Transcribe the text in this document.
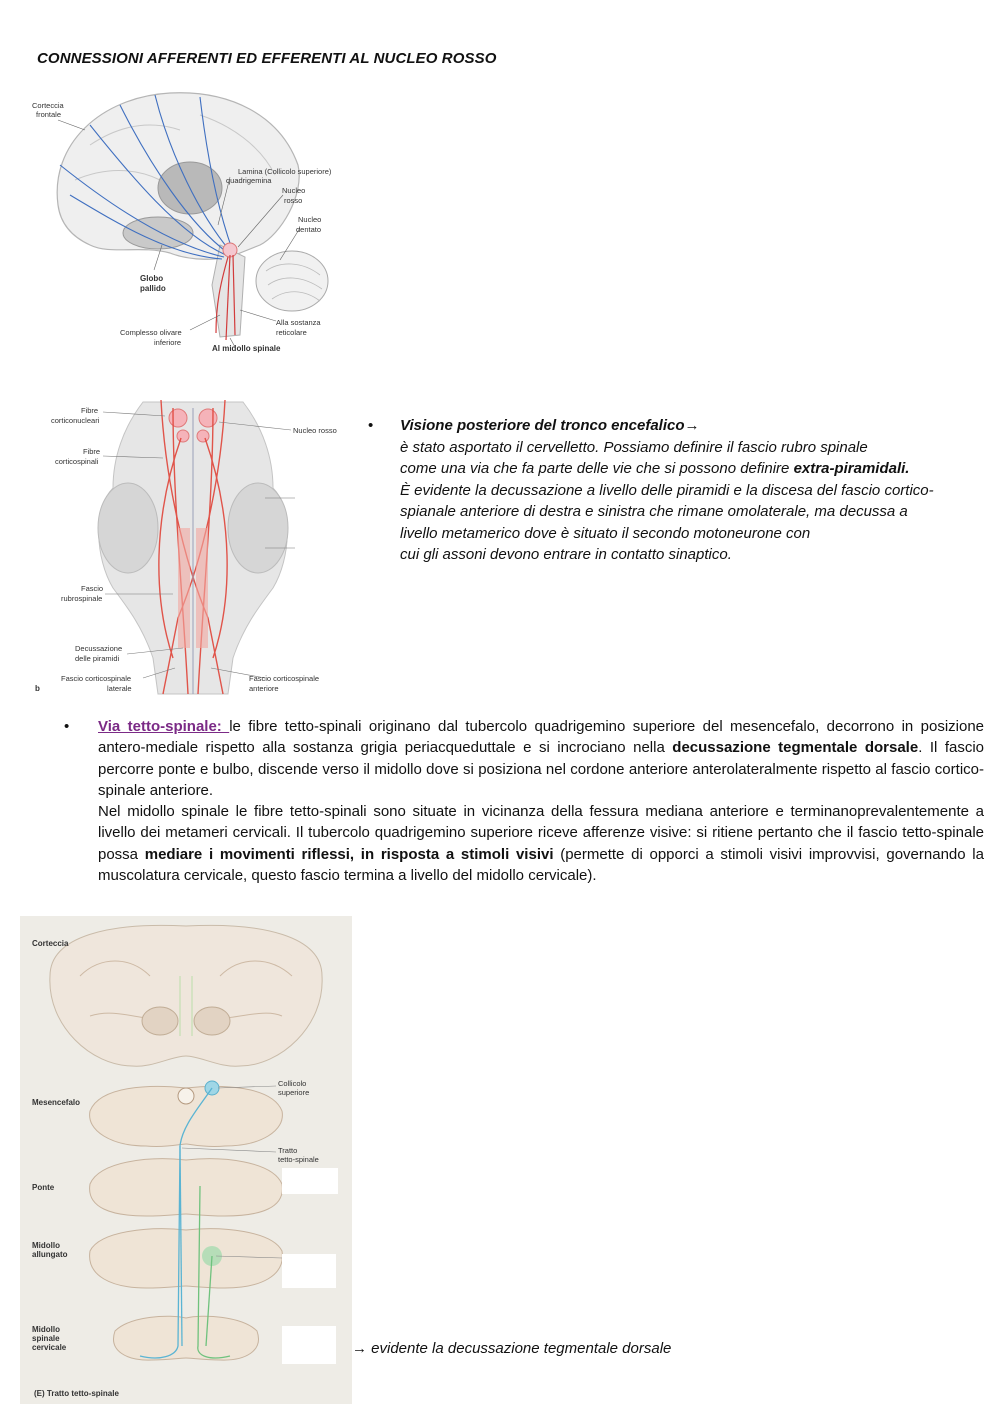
CONNESSIONI AFFERENTI ED EFFERENTI AL NUCLEO ROSSO
Corteccia
frontale
Lamina (Collicolo superiore)
quadrigemina
Nucleo
rosso
Nucleo
dentato
Globo
pallido
Complesso olivare
inferiore
Alla sostanza
reticolare
Al midollo spinale
Fibre
corticonucleari
Fibre
corticospinali
Nucleo rosso
Fascio
rubrospinale
Decussazione
delle piramidi
Fascio corticospinale
laterale
Fascio corticospinale
anteriore
b
• Visione posteriore del tronco encefalico→
è stato asportato il cervelletto. Possiamo definire il fascio rubro spinale
come una via che fa parte delle vie che si possono definire extra-piramidali.
È evidente la decussazione a livello delle piramidi e la discesa del fascio cortico-
spianale anteriore di destra e sinistra che rimane omolaterale, ma decussa a
livello metamerico dove è situato il secondo motoneurone con
cui gli assoni devono entrare in contatto sinaptico.
• Via tetto-spinale: le fibre tetto-spinali originano dal tubercolo quadrigemino superiore del mesencefalo, decorrono in posizione antero-mediale rispetto alla sostanza grigia periacqueduttale e si incrociano nella decussazione tegmentale dorsale. Il fascio percorre ponte e bulbo, discende verso il midollo dove si posiziona nel cordone anteriore anterolateralmente rispetto al fascio cortico-spinale anteriore.
Nel midollo spinale le fibre tetto-spinali sono situate in vicinanza della fessura mediana anteriore e terminanoprevalentemente a livello dei metameri cervicali. Il tubercolo quadrigemino superiore riceve afferenze visive: si ritiene pertanto che il fascio tetto-spinale possa mediare i movimenti riflessi, in risposta a stimoli visivi (permette di opporci a stimoli visivi improvvisi, governando la muscolatura cervicale, questo fascio termina a livello del midollo cervicale).
Corteccia
Mesencefalo
Ponte
Midollo
allungato
Midollo
spinale
cervicale
Collicolo
superiore
Tratto
tetto-spinale
(E) Tratto tetto-spinale
→ evidente la decussazione tegmentale dorsale
